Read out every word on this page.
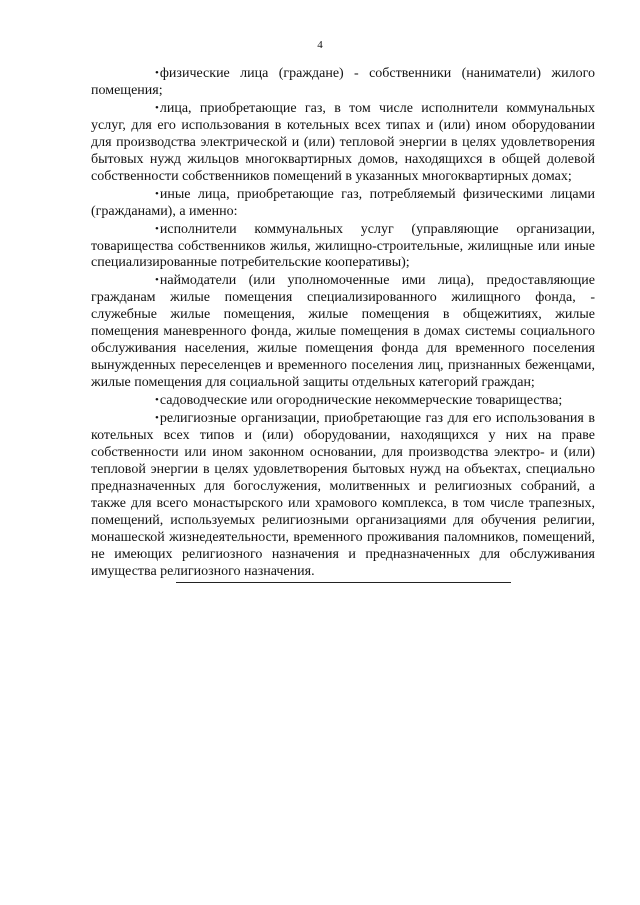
4

•физические лица (граждане) - собственники (наниматели) жилого помещения;

•лица, приобретающие газ, в том числе исполнители коммунальных услуг, для его использования в котельных всех типах и (или) ином оборудовании для производства электрической и (или) тепловой энергии в целях удовлетворения бытовых нужд жильцов многоквартирных домов, находящихся в общей долевой собственности собственников помещений в указанных многоквартирных домах;

•иные лица, приобретающие газ, потребляемый физическими лицами (гражданами), а именно:

•исполнители коммунальных услуг (управляющие организации, товарищества собственников жилья, жилищно-строительные, жилищные или иные специализированные потребительские кооперативы);

•наймодатели (или уполномоченные ими лица), предоставляющие гражданам жилые помещения специализированного жилищного фонда, - служебные жилые помещения, жилые помещения в общежитиях, жилые помещения маневренного фонда, жилые помещения в домах системы социального обслуживания населения, жилые помещения фонда для временного поселения вынужденных переселенцев и временного поселения лиц, признанных беженцами, жилые помещения для социальной защиты отдельных категорий граждан;

•садоводческие или огороднические некоммерческие товарищества;

•религиозные организации, приобретающие газ для его использования в котельных всех типов и (или) оборудовании, находящихся у них на праве собственности или ином законном основании, для производства электро- и (или) тепловой энергии в целях удовлетворения бытовых нужд на объектах, специально предназначенных для богослужения, молитвенных и религиозных собраний, а также для всего монастырского или храмового комплекса, в том числе трапезных, помещений, используемых религиозными организациями для обучения религии, монашеской жизнедеятельности, временного проживания паломников, помещений, не имеющих религиозного назначения и предназначенных для обслуживания имущества религиозного назначения.
